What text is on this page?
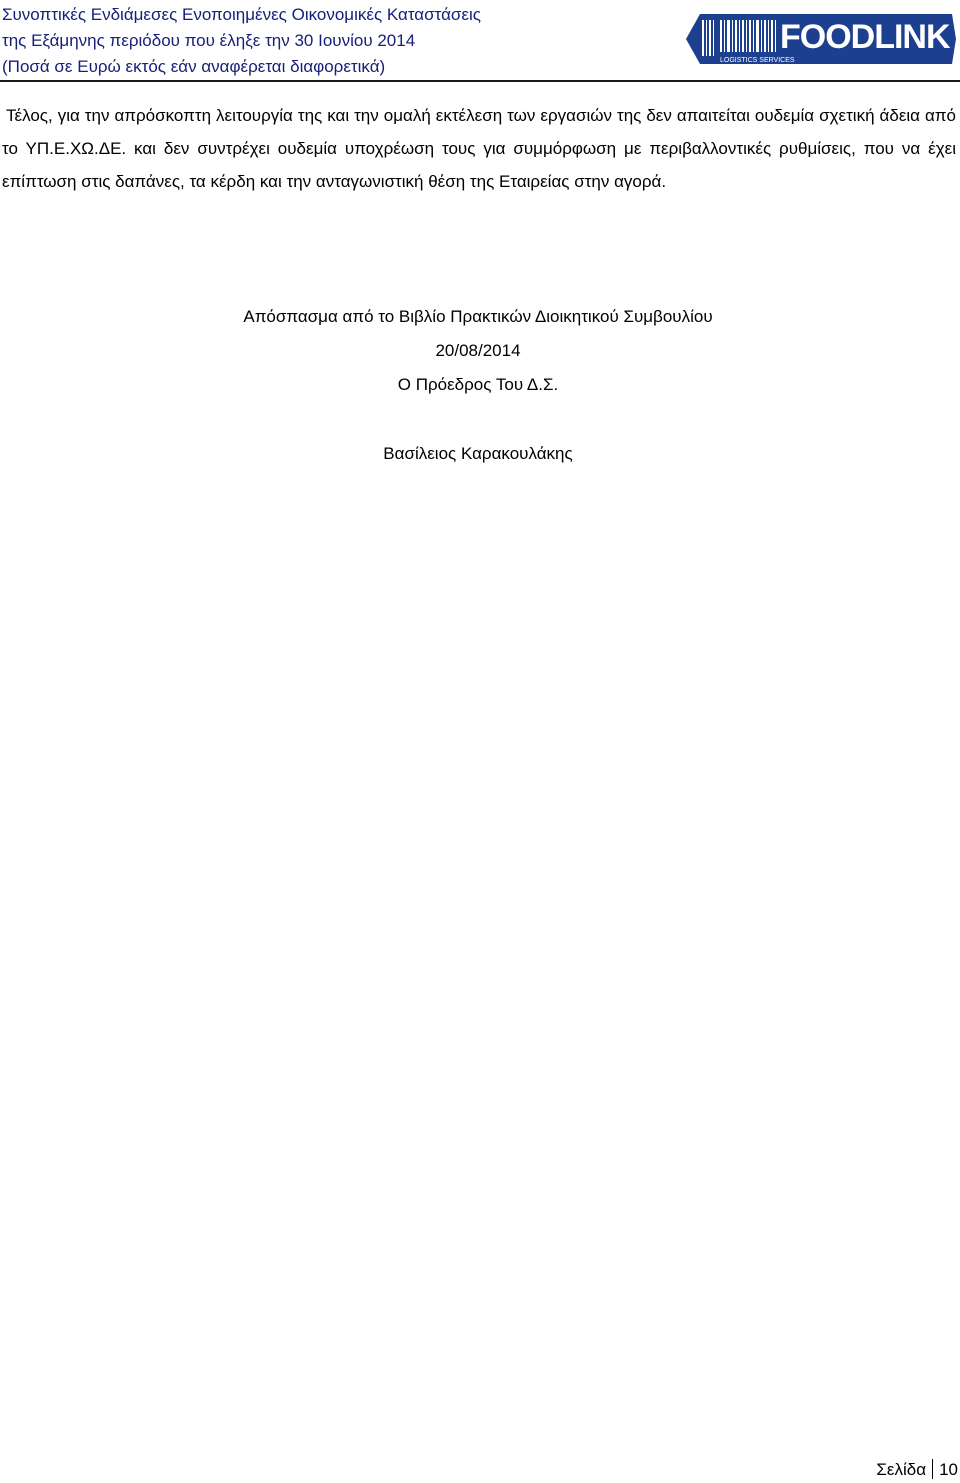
Συνοπτικές Ενδιάμεσες Ενοποιημένες Οικονομικές Καταστάσεις
της Εξάμηνης περιόδου που έληξε την 30 Ιουνίου 2014
(Ποσά σε Ευρώ εκτός εάν αναφέρεται διαφορετικά)
FOODLINK
LOGISTICS SERVICES
Τέλος, για την απρόσκοπτη λειτουργία της και την ομαλή εκτέλεση των εργασιών της δεν απαιτείται ουδεμία σχετική άδεια από το ΥΠ.Ε.ΧΩ.ΔΕ. και δεν συντρέχει ουδεμία υποχρέωση τους για συμμόρφωση με περιβαλλοντικές ρυθμίσεις, που να έχει επίπτωση στις δαπάνες, τα κέρδη και την ανταγωνιστική θέση της Εταιρείας στην αγορά.
Απόσπασμα από το Βιβλίο Πρακτικών Διοικητικού Συμβουλίου
20/08/2014
Ο Πρόεδρος Του Δ.Σ.
Βασίλειος Καρακουλάκης
Σελίδα 10
